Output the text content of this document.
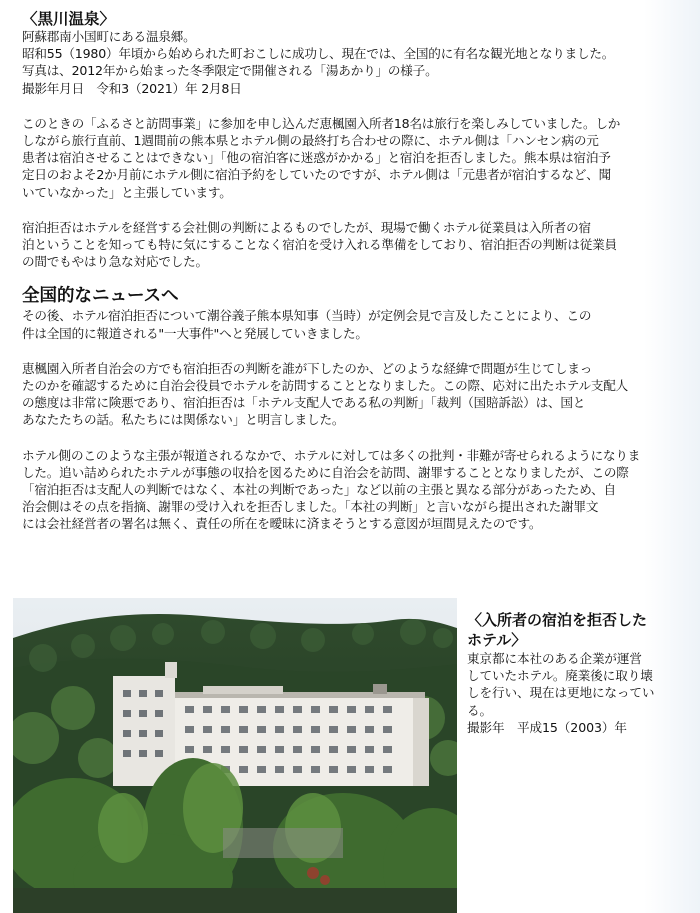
〈黒川温泉〉

阿蘇郡南小国町にある温泉郷。
昭和55（1980）年頃から始められた町おこしに成功し、現在では、全国的に有名な観光地となりました。
写真は、2012年から始まった冬季限定で開催される「湯あかり」の様子。
撮影年月日　令和3（2021）年 2月8日

このときの「ふるさと訪問事業」に参加を申し込んだ恵楓園入所者18名は旅行を楽しみしていました。しか
しながら旅行直前、1週間前の熊本県とホテル側の最終打ち合わせの際に、ホテル側は「ハンセン病の元
患者は宿泊させることはできない」「他の宿泊客に迷惑がかかる」と宿泊を拒否しました。熊本県は宿泊予
定日のおよそ2か月前にホテル側に宿泊予約をしていたのですが、ホテル側は「元患者が宿泊するなど、聞
いていなかった」と主張しています。

宿泊拒否はホテルを経営する会社側の判断によるものでしたが、現場で働くホテル従業員は入所者の宿
泊ということを知っても特に気にすることなく宿泊を受け入れる準備をしており、宿泊拒否の判断は従業員
の間でもやはり急な対応でした。

全国的なニュースへ

その後、ホテル宿泊拒否について潮谷義子熊本県知事（当時）が定例会見で言及したことにより、この
件は全国的に報道される"一大事件"へと発展していきました。

恵楓園入所者自治会の方でも宿泊拒否の判断を誰が下したのか、どのような経緯で問題が生じてしまっ
たのかを確認するために自治会役員でホテルを訪問することとなりました。この際、応対に出たホテル支配人
の態度は非常に険悪であり、宿泊拒否は「ホテル支配人である私の判断」「裁判（国賠訴訟）は、国と
あなたたちの話。私たちには関係ない」と明言しました。

ホテル側のこのような主張が報道されるなかで、ホテルに対しては多くの批判・非難が寄せられるようになりま
した。追い詰められたホテルが事態の収拾を図るために自治会を訪問、謝罪することとなりましたが、この際
「宿泊拒否は支配人の判断ではなく、本社の判断であった」など以前の主張と異なる部分があったため、自
治会側はその点を指摘、謝罪の受け入れを拒否しました。「本社の判断」と言いながら提出された謝罪文
には会社経営者の署名は無く、責任の所在を曖昧に済まそうとする意図が垣間見えたのです。

〈入所者の宿泊を拒否した
ホテル〉

東京都に本社のある企業が運営
していたホテル。廃業後に取り壊
しを行い、現在は更地になってい
る。
撮影年　平成15（2003）年
